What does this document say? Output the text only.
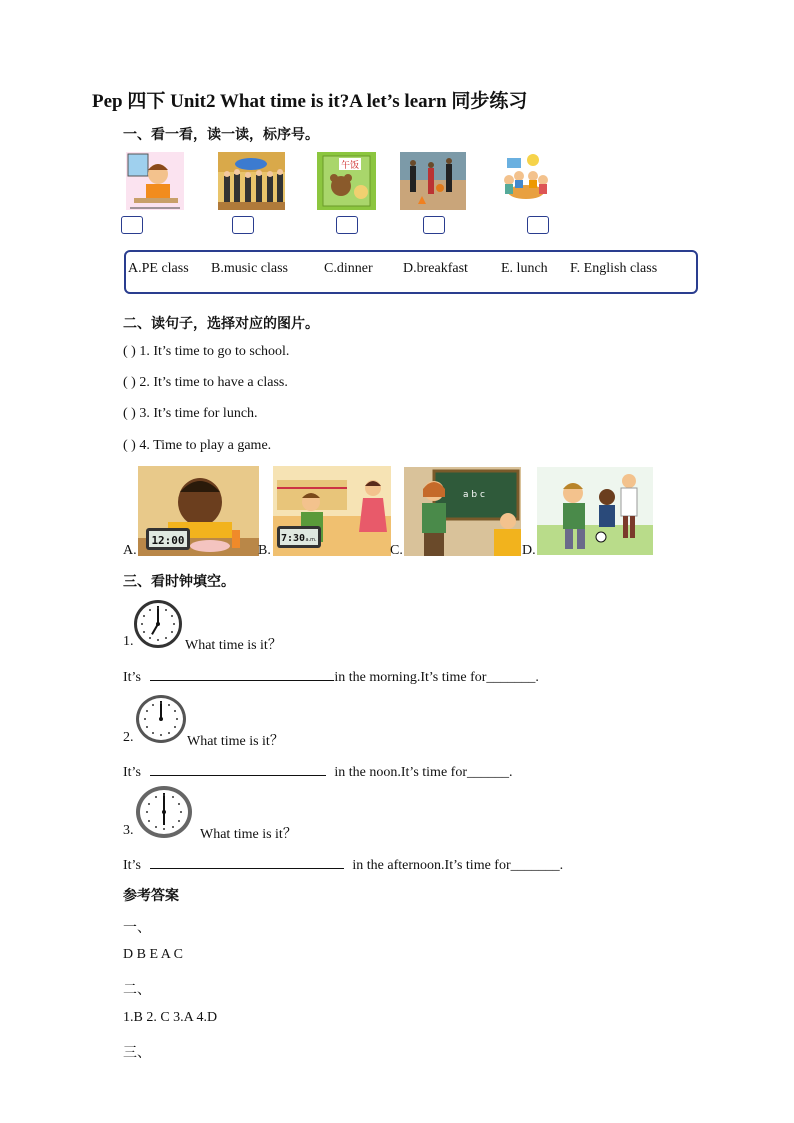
Pep 四下 Unit2 What time is it?A let’s learn 同步练习
一、看一看，读一读，标序号。
午饭
A.PE class B.music class	C.dinner D.breakfast E. lunch F. English class
二、读句子，选择对应的图片。
( ) 1. It’s time to go to school.
( ) 2. It’s time to have a class.
( ) 3. It’s time for lunch.
( ) 4. Time to play a game.
12:00
A.
7:30 a.m.
B.
a b c
C.	D.
三、看时钟填空。
1.	What time is it？
It’s	in the morning.It’s time for_______.
2.	What time is it？
It’s	in the noon.It’s time for______.
3.	What time is it？
It’s	in the afternoon.It’s time for_______.
参考答案
一、
D B E A C
二、
1.B 2. C 3.A 4.D
三、
